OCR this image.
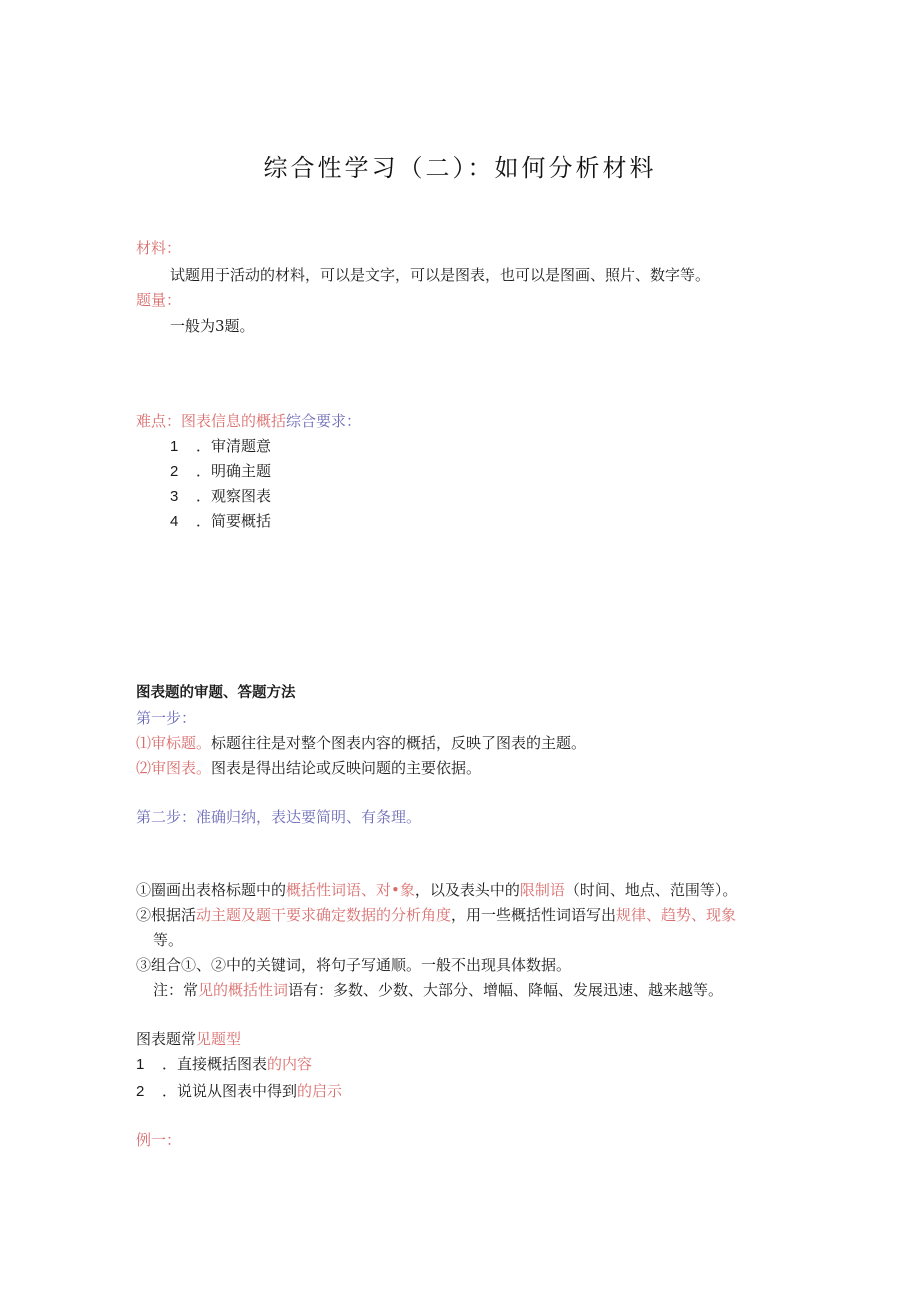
综合性学习（二）：如何分析材料
材料：
试题用于活动的材料，可以是文字，可以是图表，也可以是图画、照片、数字等。
题量：
一般为3题。
难点：图表信息的概括综合要求：
1 ．审清题意
2 ．明确主题
3 ．观察图表
4 ．简要概括
图表题的审题、答题方法
第一步：
⑴审标题。标题往往是对整个图表内容的概括，反映了图表的主题。
⑵审图表。图表是得出结论或反映问题的主要依据。
第二步：准确归纳，表达要简明、有条理。
①圈画出表格标题中的概括性词语、对•象，以及表头中的限制语（时间、地点、范围等）。
②根据活动主题及题干要求确定数据的分析角度，用一些概括性词语写出规律、趋势、现象
等。
③组合①、②中的关键词，将句子写通顺。一般不出现具体数据。
注：常见的概括性词语有：多数、少数、大部分、增幅、降幅、发展迅速、越来越等。
图表题常见题型
1 ．直接概括图表的内容
2 ．说说从图表中得到的启示
例一：
